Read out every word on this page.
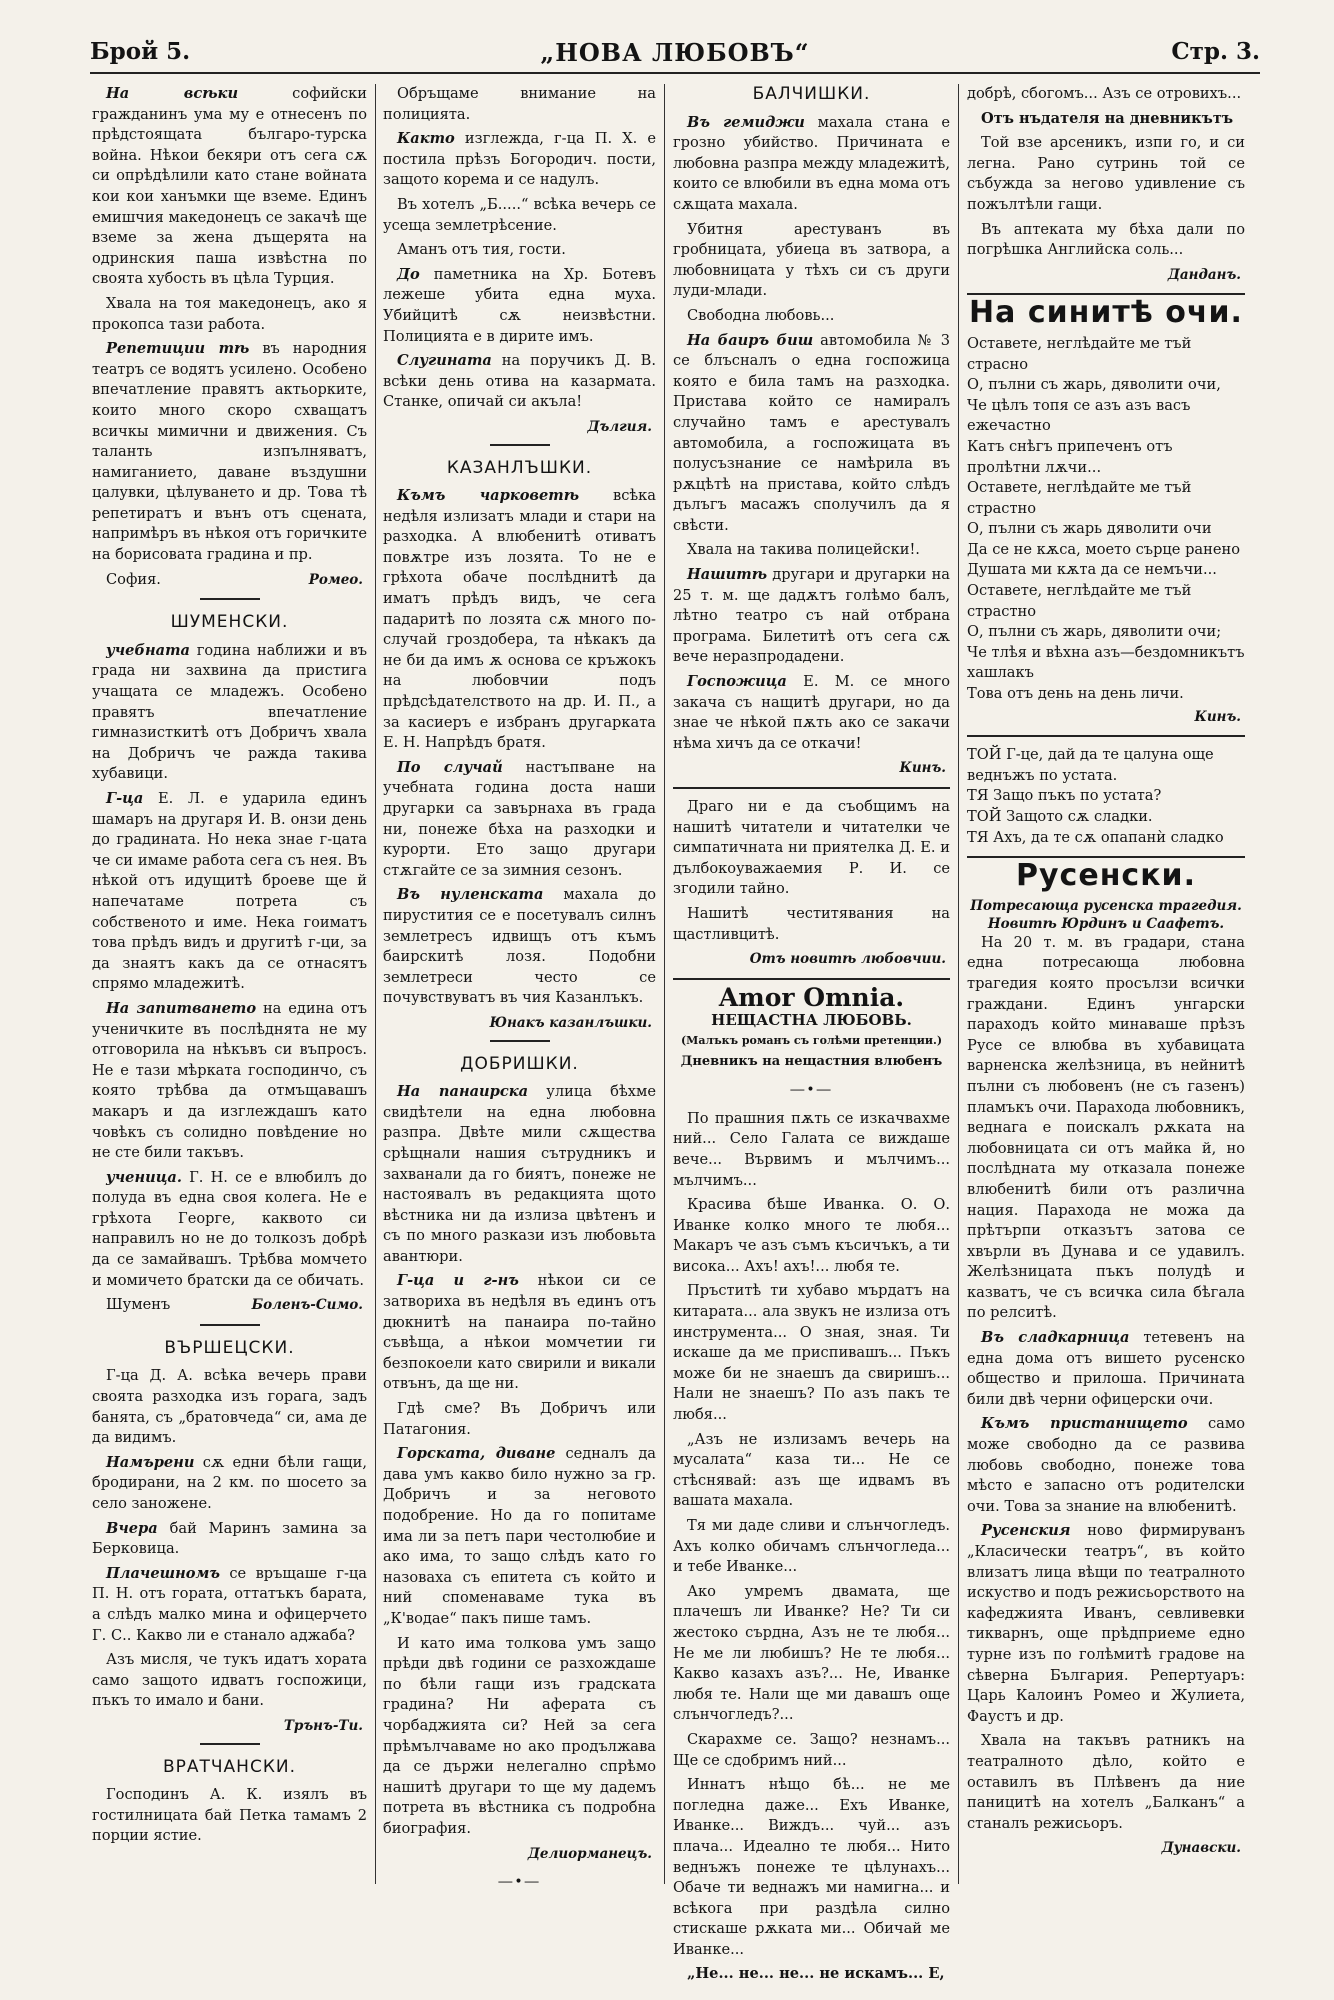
Брой 5.	„НОВА ЛЮБОВЪ“	Стр. 3.

На всѣки софийски гражданинъ ума му е отнесенъ по прѣдстоящата българо-турска война. Нѣкои бекяри отъ сега сѫ си опрѣдѣлили като стане войната кои кои ханъмки ще вземе. Единъ емишчия македонецъ се закачѣ ще вземе за жена дъщерята на одринския паша извѣстна по своята хубость въ цѣла Турция.

Хвала на тоя македонецъ, ако я прокопса тази работа.

Репетиции тѣ въ народния театръ се водятъ усилено. Особено впечатление правятъ актьорките, които много скоро схващатъ всичкы мимични и движения. Съ таланть изпълняватъ, намиганието, даване въздушни цалувки, цѣлуването и др. Това тѣ репетиратъ и вънъ отъ сцената, напримѣръ въ нѣкоя отъ горичките на борисовата градина и пр.

София.	Ромео.
ШУМЕНСКИ.

учебната година наближи и въ града ни захвина да пристига учащата се младежъ. Особено правятъ впечатление гимназисткитѣ отъ Добричъ хвала на Добричъ че ражда такива хубавици.

Г-ца Е. Л. е ударила единъ шамаръ на другаря И. В. онзи день до градината. Но нека знае г-цата че си имаме работа сега съ нея. Въ нѣкой отъ идущитѣ броеве ще й напечатаме потрета съ собственото и име. Нека гоиматъ това прѣдъ видъ и другитѣ г-ци, за да знаятъ какъ да се отнасятъ спрямо младежитѣ.

На запитването на едина отъ ученичките въ послѣднята не му отговорила на нѣкъвъ си въпросъ. Не е тази мѣрката господинчо, съ която трѣбва да отмъщавашъ макаръ и да изглеждашъ като човѣкъ съ солидно повѣдение но не сте били такъвъ.

ученица. Г. Н. се е влюбилъ до полуда въ една своя колега. Не е грѣхота Георге, каквото си направилъ но не до толкозъ добрѣ да се замайвашъ. Трѣбва момчето и момичето братски да се обичать.

Шуменъ	Боленъ-Симо.
ВЪРШЕЦСКИ.

Г-ца Д. А. всѣка вечерь прави своята разходка изъ горага, задъ банята, съ „братовчеда“ си, ама де да видимъ.

Намърени сѫ едни бѣли гащи, бродирани, на 2 км. по шосето за село заножене.

Вчера бай Маринъ замина за Берковица.

Плачешномъ се връщаше г-ца П. Н. отъ гората, оттатъкъ барата, а слѣдъ малко мина и офицерчето Г. С.. Какво ли е станало аджаба?

Азъ мисля, че тукъ идатъ хората само защото идватъ госпожици, пъкъ то имало и бани.

Трънъ-Ти.
ВРАТЧАНСКИ.

Господинъ А. К. изялъ въ гостилницата бай Петка тамамъ 2 порции ястие.

Обръщаме внимание на полицията.

Както изглежда, г-ца П. Х. е постила прѣзъ Богородич. пости, защото корема и се надулъ.

Въ хотелъ „Б.....“ всѣка вечерь се усеща землетрѣсение.

Аманъ отъ тия, гости.

До паметника на Хр. Ботевъ лежеше убита една муха. Убийцитѣ сѫ неизвѣстни. Полицията е в дирите имъ.

Слугината на поручикъ Д. В. всѣки день отива на казармата. Станке, опичай си акъла!

Дългия.
КАЗАНЛЪШКИ.

Къмъ чарковетѣ всѣка недѣля излизатъ млади и стари на разходка. А влюбенитѣ отиватъ повѫтре изъ лозята. То не е грѣхота обаче послѣднитѣ да иматъ прѣдъ видъ, че сега падаритѣ по лозята сѫ много по-случай гроздобера, та нѣкакъ да не би да имъ ѫ основа се кръжокъ на любовчии подъ прѣдсѣдателството на др. И. П., а за касиеръ е избранъ другарката Е. Н. Напрѣдъ братя.

По случай настъпване на учебната година доста наши другарки са завърнаха въ града ни, понеже бѣха на разходки и курорти. Ето защо другари стѫгайте се за зимния сезонъ.

Въ нуленската махала до пирустития се е посетувалъ силнъ землетресъ идвищъ отъ къмъ баирскитѣ лозя. Подобни землетреси често се почувствуватъ въ чия Казанлъкъ.

Юнакъ казанлъшки.
ДОБРИШКИ.

На панаирска улица бѣхме свидѣтели на една любовна разпра. Двѣте мили сѫщества срѣщнали нашия сътрудникъ и захванали да го биятъ, понеже не настоявалъ въ редакцията щото вѣстника ни да излиза цвѣтенъ и съ по много разкази изъ любовьта авантюри.

Г-ца и г-нъ нѣкои си се затвориха въ недѣля въ единъ отъ дюкнитѣ на панаира по-тайно съвѣща, а нѣкои момчетии ги безпокоели като свирили и викали отвънъ, да ще ни.

Гдѣ сме? Въ Добричъ или Патагония.

Горската, диване седналъ да дава умъ какво било нужно за гр. Добричъ и за неговото подобрение. Но да го попитаме има ли за петъ пари честолюбие и ако има, то защо слѣдъ като го назоваха съ епитета съ който и ний споменаваме тука въ „К'водае“ пакъ пише тамъ.

И като има толкова умъ защо прѣди двѣ години се разхождаше по бѣли гащи изъ градската градина? Ни аферата съ чорбаджията си? Ней за сега прѣмълчаваме но ако продължава да се държи нелегално спрѣмо нашитѣ другари то ще му дадемъ потрета въ вѣстника съ подробна биография.

Делиорманецъ.
―•―
БАЛЧИШКИ.

Въ гемиджи махала стана е грозно убийство. Причината е любовна разпра между младежитѣ, които се влюбили въ една мома отъ сѫщата махала.

Убитня арестуванъ въ гробницата, убиеца въ затвора, а любовницата у тѣхъ си съ други луди-млади.

Свободна любовь...

На баиръ биш автомобила № 3 се блъсналъ о една госпожица която е била тамъ на разходка. Пристава който се намиралъ случайно тамъ е арестувалъ автомобила, а госпожицата въ полусъзнание се намѣрила въ рѫцѣтѣ на пристава, който слѣдъ дълъгъ масажъ сполучилъ да я свѣсти.

Хвала на такива полицейски!.

Нашитѣ другари и другарки на 25 т. м. ще дадѫтъ голѣмо балъ, лѣтно театро съ най отбрана програма. Билетитѣ отъ сега сѫ вече неразпродадени.

Госпожица Е. М. се много закача съ нащитѣ другари, но да знае че нѣкой пѫть ако се закачи нѣма хичъ да се откачи!

Кинъ.

Драго ни е да съобщимъ на нашитѣ читатели и читателки че симпатичната ни приятелка Д. Е. и дълбокоуважаемия Р. И. се згодили тайно.

Нашитѣ честитявания на щастливцитѣ.

Отъ новитѣ любовчии.
Amor Omnia.
НЕЩАСТНА ЛЮБОВЬ.
(Малъкъ романъ съ голѣми претенции.)
Дневникъ на нещастния влюбенъ
―•―

По прашния пѫть се изкачвахме ний... Село Галата се виждаше вече... Вървимъ и мълчимъ... мълчимъ...

Красива бѣше Иванка. О. О. Иванке колко много те любя... Макаръ че азъ съмъ късичъкъ, а ти висока... Ахъ! ахъ!... любя те.

Пръститѣ ти хубаво мърдатъ на китарата... ала звукъ не излиза отъ инструмента... О зная, зная. Ти искаше да ме приспивашъ... Пъкъ може би не знаешъ да свиришъ... Нали не знаешъ? По азъ пакъ те любя...

„Азъ не излизамъ вечерь на мусалата“ каза ти... Не се стѣснявай: азъ ще идвамъ въ вашата махала.

Тя ми даде сливи и слънчогледъ. Ахъ колко обичамъ слънчогледа... и тебе Иванке...

Ако умремъ двамата, ще плачешъ ли Иванке? Не? Ти си жестоко сърдна, Азъ не те любя... Не ме ли любишъ? Не те любя... Какво казахъ азъ?... Не, Иванке любя те. Нали ще ми давашъ още слънчогледъ?...

Скарахме се. Защо? незнамъ... Ще се сдобримъ ний...

Иннатъ нѣщо бѣ... не ме погледна даже... Ехъ Иванке, Иванке... Виждъ... чуй... азъ плача... Идеално те любя... Нито веднъжъ понеже те цѣлунахъ... Обаче ти веднажъ ми намигна... и всѣкога при раздѣла силно стискаше рѫката ми... Обичай ме Иванке...

„Не... не... не... не искамъ... Е,

добрѣ, сбогомъ... Азъ се отровихъ...

Отъ нъдателя на дневникътъ

Той взе арсеникъ, изпи го, и си легна. Рано сутринь той се събуждa за негово удивление съ пожълтѣли гащи.

Въ аптеката му бѣха дали по погрѣшка Английска соль...

Данданъ.
На синитѣ очи.

Оставете, неглѣдайте ме тъй страсно

О, пълни съ жарь, дяволити очи,

Че цѣлъ топя се азъ азъ васъ ежечастно

Катъ снѣгъ припеченъ отъ пролѣтни лѫчи...

Оставете, неглѣдайте ме тъй страстно

О, пълни съ жарь дяволити очи

Да се не кѫса, моето сърце ранено

Душата ми кѫта да се немъчи...

Оставете, неглѣдайте ме тъй страстно

О, пълни съ жарь, дяволити очи;

Че тлѣя и вѣхна азъ—бездомникътъ хашлакъ

Това отъ день на день личи.

Кинъ.

ТОЙ Г-це, дай да те цалуна още веднъжъ по устата.

ТЯ Защо пъкъ по устата?

ТОЙ Защото сѫ сладки.

ТЯ Ахъ, да те сѫ опапанѝ сладко

Русенски.
Потресающа русенска трагедия.
Новитѣ Юрдинъ и Саафетъ.

На 20 т. м. въ градари, стана една потресающа любовна трагедия която просълзи всички граждани. Единъ унгарски параходъ който минаваше прѣзъ Русе се влюбва въ хубавицата варненска желѣзница, въ нейнитѣ пълни съ любовенъ (не съ газенъ) пламъкъ очи. Парахода любовникъ, веднага е поискалъ рѫката на любовницата си отъ майка й, но послѣдната му отказала понеже влюбенитѣ били отъ различна нация. Парахода не можа да прѣтърпи отказътъ затова се хвърли въ Дунава и се удавилъ. Желѣзницата пъкъ полудѣ и казватъ, че съ всичка сила бѣгала по релситѣ.

Въ сладкарница тетевенъ на една дома отъ вишето русенско общество и прилоша. Причината били двѣ черни офицерски очи.

Къмъ пристанището само може свободно да се развива любовь свободно, понеже това мѣсто е запасно отъ родителски очи. Това за знание на влюбенитѣ.

Русенския ново фирмируванъ „Класически театръ“, въ който влизатъ лица вѣщи по театралното искуство и подъ режисьорството на кафеджията Иванъ, севливевки тикварнъ, още прѣдприеме едно турне изъ по голѣмитѣ градове на сѣверна България. Репертуаръ: Царь Калоинъ Ромео и Жулиета, Фаустъ и др.

Хвала на такъвъ ратникъ на театралното дѣло, който е оставилъ въ Плѣвенъ да ние паницитѣ на хотелъ „Балканъ“ а станалъ режисьоръ.

Дунавски.
